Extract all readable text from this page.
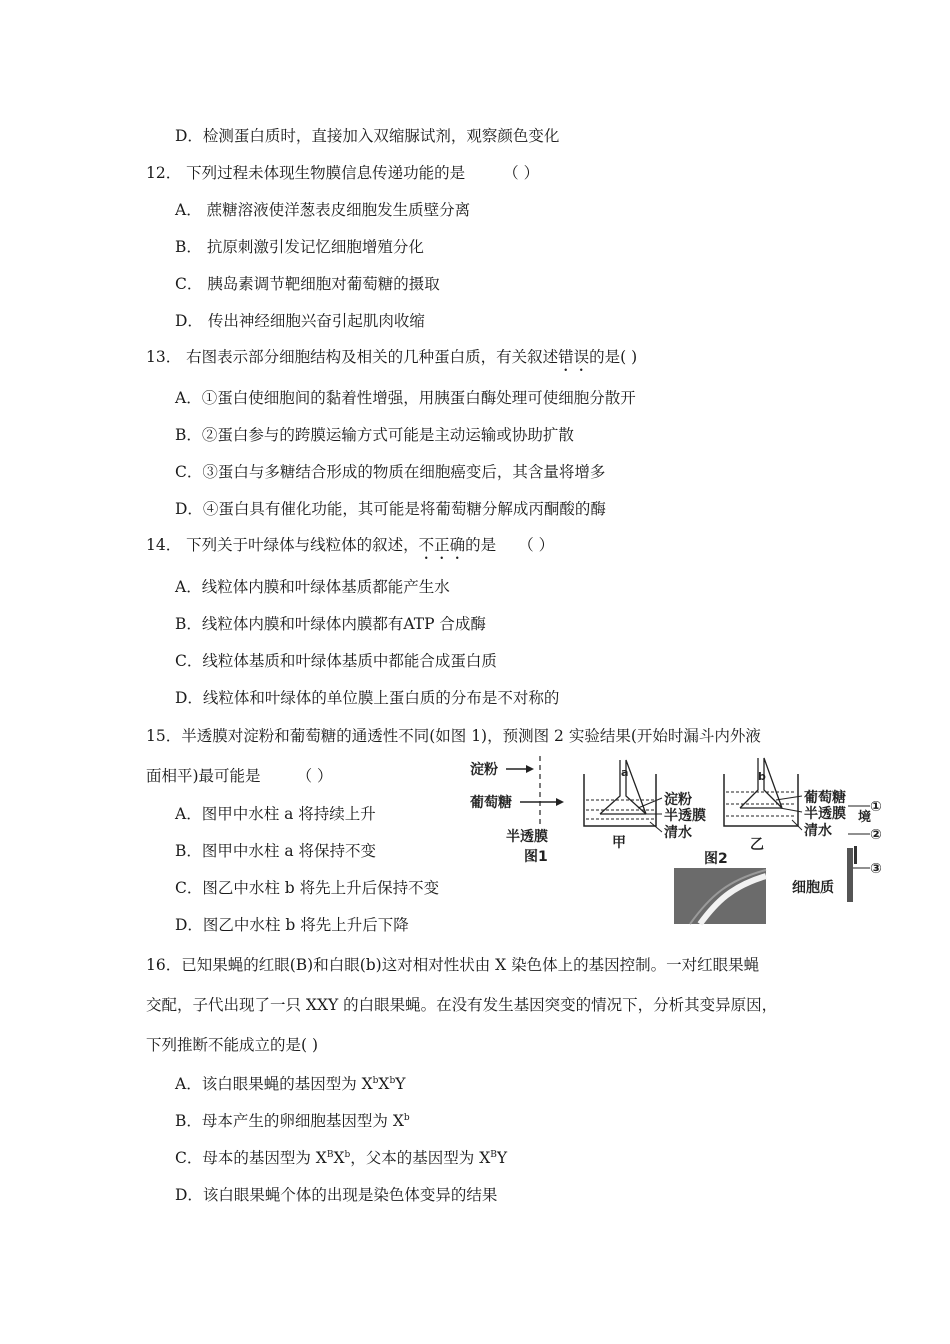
D．检测蛋白质时，直接加入双缩脲试剂，观察颜色变化
12． 下列过程未体现生物膜信息传递功能的是 （ ）
A． 蔗糖溶液使洋葱表皮细胞发生质壁分离
B． 抗原刺激引发记忆细胞增殖分化
C． 胰岛素调节靶细胞对葡萄糖的摄取
D． 传出神经细胞兴奋引起肌肉收缩
13． 右图表示部分细胞结构及相关的几种蛋白质，有关叙述错误的是( )
A．①蛋白使细胞间的黏着性增强，用胰蛋白酶处理可使细胞分散开
B．②蛋白参与的跨膜运输方式可能是主动运输或协助扩散
C．③蛋白与多糖结合形成的物质在细胞癌变后，其含量将增多
D．④蛋白具有催化功能，其可能是将葡萄糖分解成丙酮酸的酶
14． 下列关于叶绿体与线粒体的叙述，不正确的是 （ ）
A．线粒体内膜和叶绿体基质都能产生水
B．线粒体内膜和叶绿体内膜都有ATP 合成酶
C．线粒体基质和叶绿体基质中都能合成蛋白质
D．线粒体和叶绿体的单位膜上蛋白质的分布是不对称的
15．半透膜对淀粉和葡萄糖的通透性不同(如图 1)，预测图 2 实验结果(开始时漏斗内外液
面相平)最可能是 （ ）
A．图甲中水柱 a 将持续上升
B．图甲中水柱 a 将保持不变
C．图乙中水柱 b 将先上升后保持不变
D．图乙中水柱 b 将先上升后下降
淀粉
葡萄糖
半透膜
图1
a
淀粉
半透膜
清水
甲
图2
b
葡萄糖
半透膜
清水
乙
境
①
②
③
细胞质
16．已知果蝇的红眼(B)和白眼(b)这对相对性状由 X 染色体上的基因控制。一对红眼果蝇
交配，子代出现了一只 XXY 的白眼果蝇。在没有发生基因突变的情况下，分析其变异原因，
下列推断不能成立的是( )
A．该白眼果蝇的基因型为 $X^bX^bY$
B．母本产生的卵细胞基因型为 $X^b$
C．母本的基因型为 $X^BX^b$，父本的基因型为 $X^BY$
D．该白眼果蝇个体的出现是染色体变异的结果
